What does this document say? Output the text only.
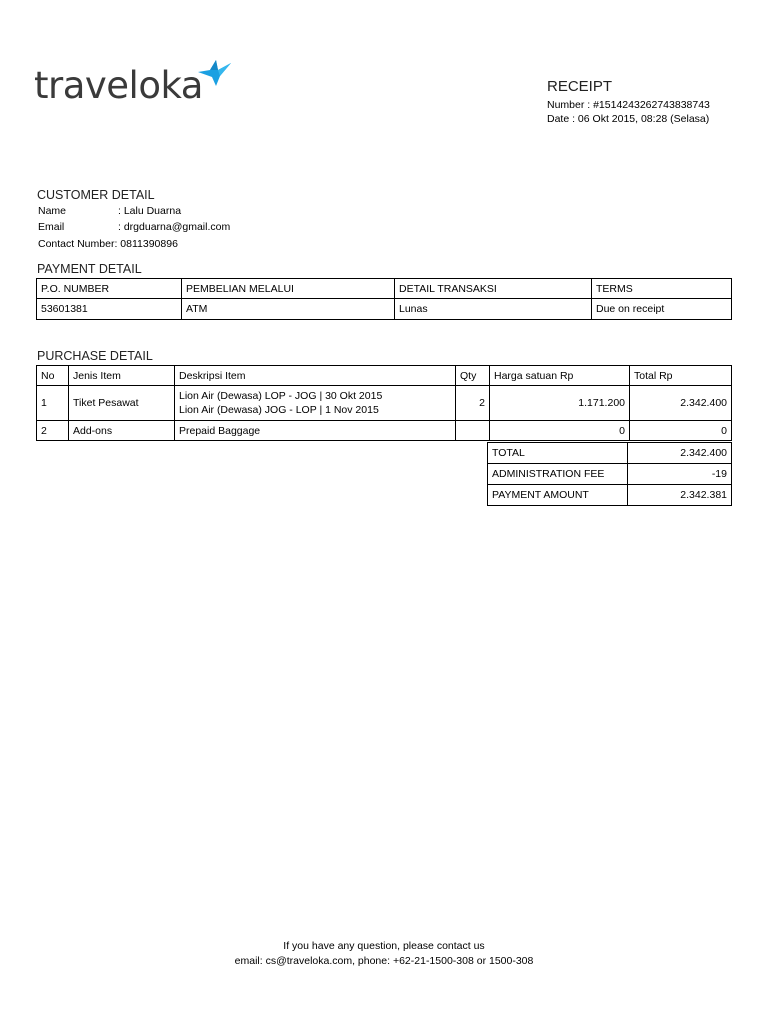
traveloka	RECEIPT
Number : #1514243262743838743
Date : 06 Okt 2015, 08:28 (Selasa)
CUSTOMER DETAIL
Name	: Lalu Duarna
Email	: drgduarna@gmail.com
Contact Number : 0811390896
PAYMENT DETAIL
P.O. NUMBER	PEMBELIAN MELALUI	DETAIL TRANSAKSI	TERMS
53601381	ATM	Lunas	Due on receipt
PURCHASE DETAIL
No	Jenis Item	Deskripsi Item	Qty	Harga satuan Rp	Total Rp
1	Tiket Pesawat	Lion Air (Dewasa) LOP - JOG | 30 Okt 2015
Lion Air (Dewasa) JOG - LOP | 1 Nov 2015	2	1.171.200	2.342.400
2	Add-ons	Prepaid Baggage		0	0
TOTAL	2.342.400
ADMINISTRATION FEE	-19
PAYMENT AMOUNT	2.342.381
If you have any question, please contact us
email: cs@traveloka.com, phone: +62-21-1500-308 or 1500-308
